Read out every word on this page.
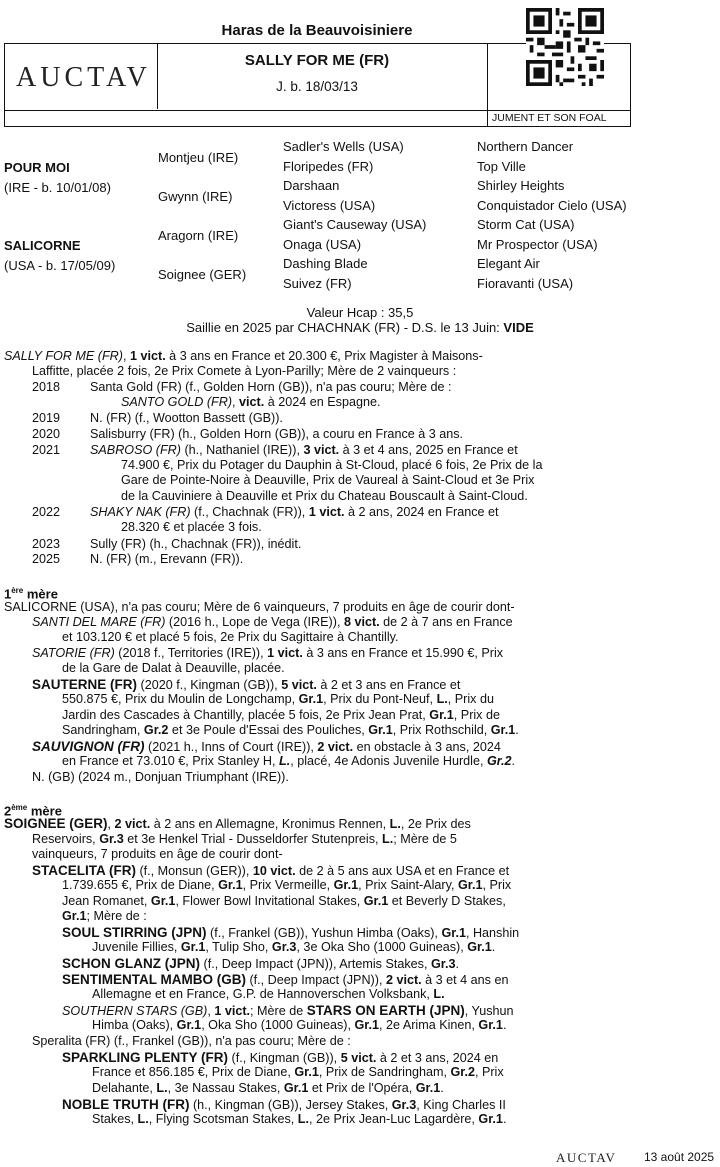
Haras de la Beauvoisiniere
SALLY FOR ME (FR)
J. b. 18/03/13
AUCTAV
JUMENT ET SON FOAL
POUR MOI
(IRE - b. 10/01/08)
SALICORNE
(USA - b. 17/05/09)
Montjeu (IRE)
Gwynn (IRE)
Aragorn (IRE)
Soignee (GER)
Sadler's Wells (USA)
Floripedes (FR)
Darshaan
Victoress (USA)
Giant's Causeway (USA)
Onaga (USA)
Dashing Blade
Suivez (FR)
Northern Dancer
Top Ville
Shirley Heights
Conquistador Cielo (USA)
Storm Cat (USA)
Mr Prospector (USA)
Elegant Air
Fioravanti (USA)
Valeur Hcap : 35,5
Saillie en 2025 par CHACHNAK (FR) - D.S. le 13 Juin: VIDE
SALLY FOR ME (FR), 1 vict. à 3 ans en France et 20.300 €, Prix Magister à Maisons-
Laffitte, placée 2 fois, 2e Prix Comete à Lyon-Parilly; Mère de 2 vainqueurs :
2018 Santa Gold (FR) (f., Golden Horn (GB)), n'a pas couru; Mère de :
SANTO GOLD (FR), vict. à 2024 en Espagne.
2019 N. (FR) (f., Wootton Bassett (GB)).
2020 Salisburry (FR) (h., Golden Horn (GB)), a couru en France à 3 ans.
2021 SABROSO (FR) (h., Nathaniel (IRE)), 3 vict. à 3 et 4 ans, 2025 en France et
74.900 €, Prix du Potager du Dauphin à St-Cloud, placé 6 fois, 2e Prix de la
Gare de Pointe-Noire à Deauville, Prix de Vaureal à Saint-Cloud et 3e Prix
de la Cauviniere à Deauville et Prix du Chateau Bouscault à Saint-Cloud.
2022 SHAKY NAK (FR) (f., Chachnak (FR)), 1 vict. à 2 ans, 2024 en France et
28.320 € et placée 3 fois.
2023 Sully (FR) (h., Chachnak (FR)), inédit.
2025 N. (FR) (m., Erevann (FR)).
1ère mère
SALICORNE (USA), n'a pas couru; Mère de 6 vainqueurs, 7 produits en âge de courir dont-
SANTI DEL MARE (FR) (2016 h., Lope de Vega (IRE)), 8 vict. de 2 à 7 ans en France
et 103.120 € et placé 5 fois, 2e Prix du Sagittaire à Chantilly.
SATORIE (FR) (2018 f., Territories (IRE)), 1 vict. à 3 ans en France et 15.990 €, Prix
de la Gare de Dalat à Deauville, placée.
SAUTERNE (FR) (2020 f., Kingman (GB)), 5 vict. à 2 et 3 ans en France et
550.875 €, Prix du Moulin de Longchamp, Gr.1, Prix du Pont-Neuf, L., Prix du
Jardin des Cascades à Chantilly, placée 5 fois, 2e Prix Jean Prat, Gr.1, Prix de
Sandringham, Gr.2 et 3e Poule d'Essai des Pouliches, Gr.1, Prix Rothschild, Gr.1.
SAUVIGNON (FR) (2021 h., Inns of Court (IRE)), 2 vict. en obstacle à 3 ans, 2024
en France et 73.010 €, Prix Stanley H, L., placé, 4e Adonis Juvenile Hurdle, Gr.2.
N. (GB) (2024 m., Donjuan Triumphant (IRE)).
2ème mère
SOIGNEE (GER), 2 vict. à 2 ans en Allemagne, Kronimus Rennen, L., 2e Prix des
Reservoirs, Gr.3 et 3e Henkel Trial - Dusseldorfer Stutenpreis, L.; Mère de 5
vainqueurs, 7 produits en âge de courir dont-
STACELITA (FR) (f., Monsun (GER)), 10 vict. de 2 à 5 ans aux USA et en France et
1.739.655 €, Prix de Diane, Gr.1, Prix Vermeille, Gr.1, Prix Saint-Alary, Gr.1, Prix
Jean Romanet, Gr.1, Flower Bowl Invitational Stakes, Gr.1 et Beverly D Stakes,
Gr.1; Mère de :
SOUL STIRRING (JPN) (f., Frankel (GB)), Yushun Himba (Oaks), Gr.1, Hanshin
Juvenile Fillies, Gr.1, Tulip Sho, Gr.3, 3e Oka Sho (1000 Guineas), Gr.1.
SCHON GLANZ (JPN) (f., Deep Impact (JPN)), Artemis Stakes, Gr.3.
SENTIMENTAL MAMBO (GB) (f., Deep Impact (JPN)), 2 vict. à 3 et 4 ans en
Allemagne et en France, G.P. de Hannoverschen Volksbank, L.
SOUTHERN STARS (GB), 1 vict.; Mère de STARS ON EARTH (JPN), Yushun
Himba (Oaks), Gr.1, Oka Sho (1000 Guineas), Gr.1, 2e Arima Kinen, Gr.1.
Speralita (FR) (f., Frankel (GB)), n'a pas couru; Mère de :
SPARKLING PLENTY (FR) (f., Kingman (GB)), 5 vict. à 2 et 3 ans, 2024 en
France et 856.185 €, Prix de Diane, Gr.1, Prix de Sandringham, Gr.2, Prix
Delahante, L., 3e Nassau Stakes, Gr.1 et Prix de l'Opéra, Gr.1.
NOBLE TRUTH (FR) (h., Kingman (GB)), Jersey Stakes, Gr.3, King Charles II
Stakes, L., Flying Scotsman Stakes, L., 2e Prix Jean-Luc Lagardère, Gr.1.
AUCTAV 13 août 2025
